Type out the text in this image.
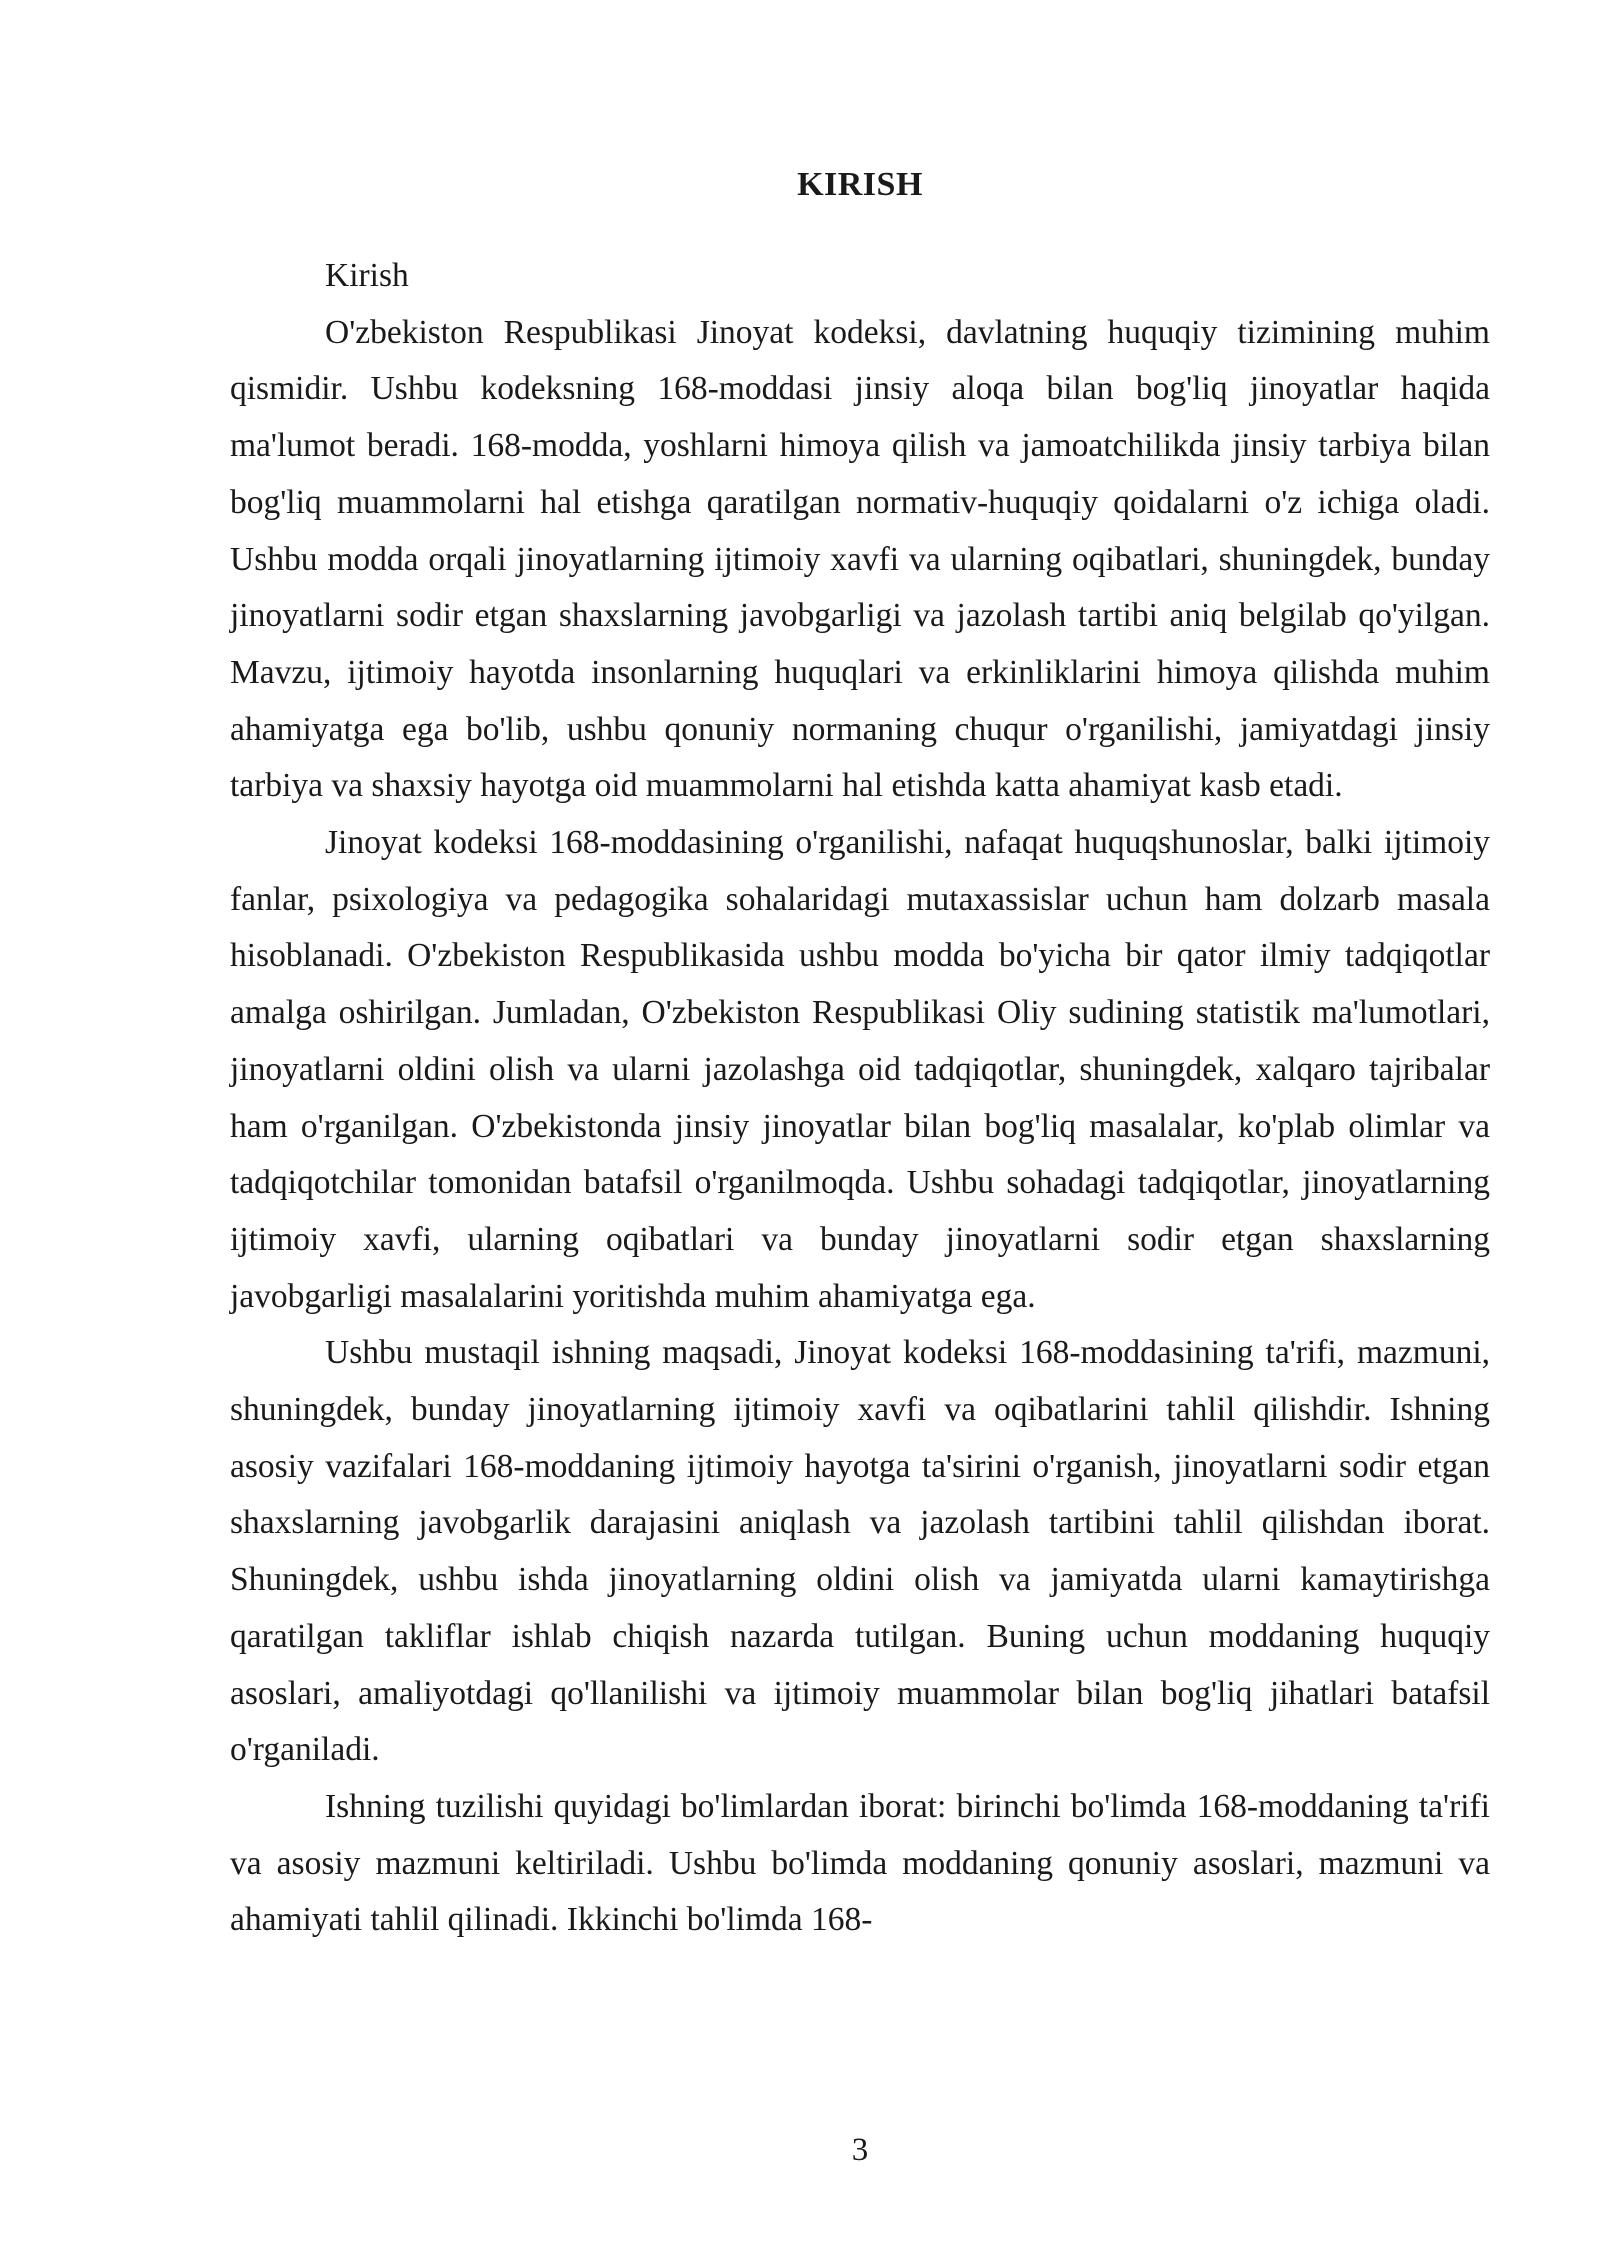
KIRISH

Kirish

O'zbekiston Respublikasi Jinoyat kodeksi, davlatning huquqiy tizimining muhim qismidir. Ushbu kodeksning 168-moddasi jinsiy aloqa bilan bog'liq jinoyatlar haqida ma'lumot beradi. 168-modda, yoshlarni himoya qilish va jamoatchilikda jinsiy tarbiya bilan bog'liq muammolarni hal etishga qaratilgan normativ-huquqiy qoidalarni o'z ichiga oladi. Ushbu modda orqali jinoyatlarning ijtimoiy xavfi va ularning oqibatlari, shuningdek, bunday jinoyatlarni sodir etgan shaxslarning javobgarligi va jazolash tartibi aniq belgilab qo'yilgan. Mavzu, ijtimoiy hayotda insonlarning huquqlari va erkinliklarini himoya qilishda muhim ahamiyatga ega bo'lib, ushbu qonuniy normaning chuqur o'rganilishi, jamiyatdagi jinsiy tarbiya va shaxsiy hayotga oid muammolarni hal etishda katta ahamiyat kasb etadi.

Jinoyat kodeksi 168-moddasining o'rganilishi, nafaqat huquqshunoslar, balki ijtimoiy fanlar, psixologiya va pedagogika sohalaridagi mutaxassislar uchun ham dolzarb masala hisoblanadi. O'zbekiston Respublikasida ushbu modda bo'yicha bir qator ilmiy tadqiqotlar amalga oshirilgan. Jumladan, O'zbekiston Respublikasi Oliy sudining statistik ma'lumotlari, jinoyatlarni oldini olish va ularni jazolashga oid tadqiqotlar, shuningdek, xalqaro tajribalar ham o'rganilgan. O'zbekistonda jinsiy jinoyatlar bilan bog'liq masalalar, ko'plab olimlar va tadqiqotchilar tomonidan batafsil o'rganilmoqda. Ushbu sohadagi tadqiqotlar, jinoyatlarning ijtimoiy xavfi, ularning oqibatlari va bunday jinoyatlarni sodir etgan shaxslarning javobgarligi masalalarini yoritishda muhim ahamiyatga ega.

Ushbu mustaqil ishning maqsadi, Jinoyat kodeksi 168-moddasining ta'rifi, mazmuni, shuningdek, bunday jinoyatlarning ijtimoiy xavfi va oqibatlarini tahlil qilishdir. Ishning asosiy vazifalari 168-moddaning ijtimoiy hayotga ta'sirini o'rganish, jinoyatlarni sodir etgan shaxslarning javobgarlik darajasini aniqlash va jazolash tartibini tahlil qilishdan iborat. Shuningdek, ushbu ishda jinoyatlarning oldini olish va jamiyatda ularni kamaytirishga qaratilgan takliflar ishlab chiqish nazarda tutilgan. Buning uchun moddaning huquqiy asoslari, amaliyotdagi qo'llanilishi va ijtimoiy muammolar bilan bog'liq jihatlari batafsil o'rganiladi.

Ishning tuzilishi quyidagi bo'limlardan iborat: birinchi bo'limda 168-moddaning ta'rifi va asosiy mazmuni keltiriladi. Ushbu bo'limda moddaning qonuniy asoslari, mazmuni va ahamiyati tahlil qilinadi. Ikkinchi bo'limda 168-

3
